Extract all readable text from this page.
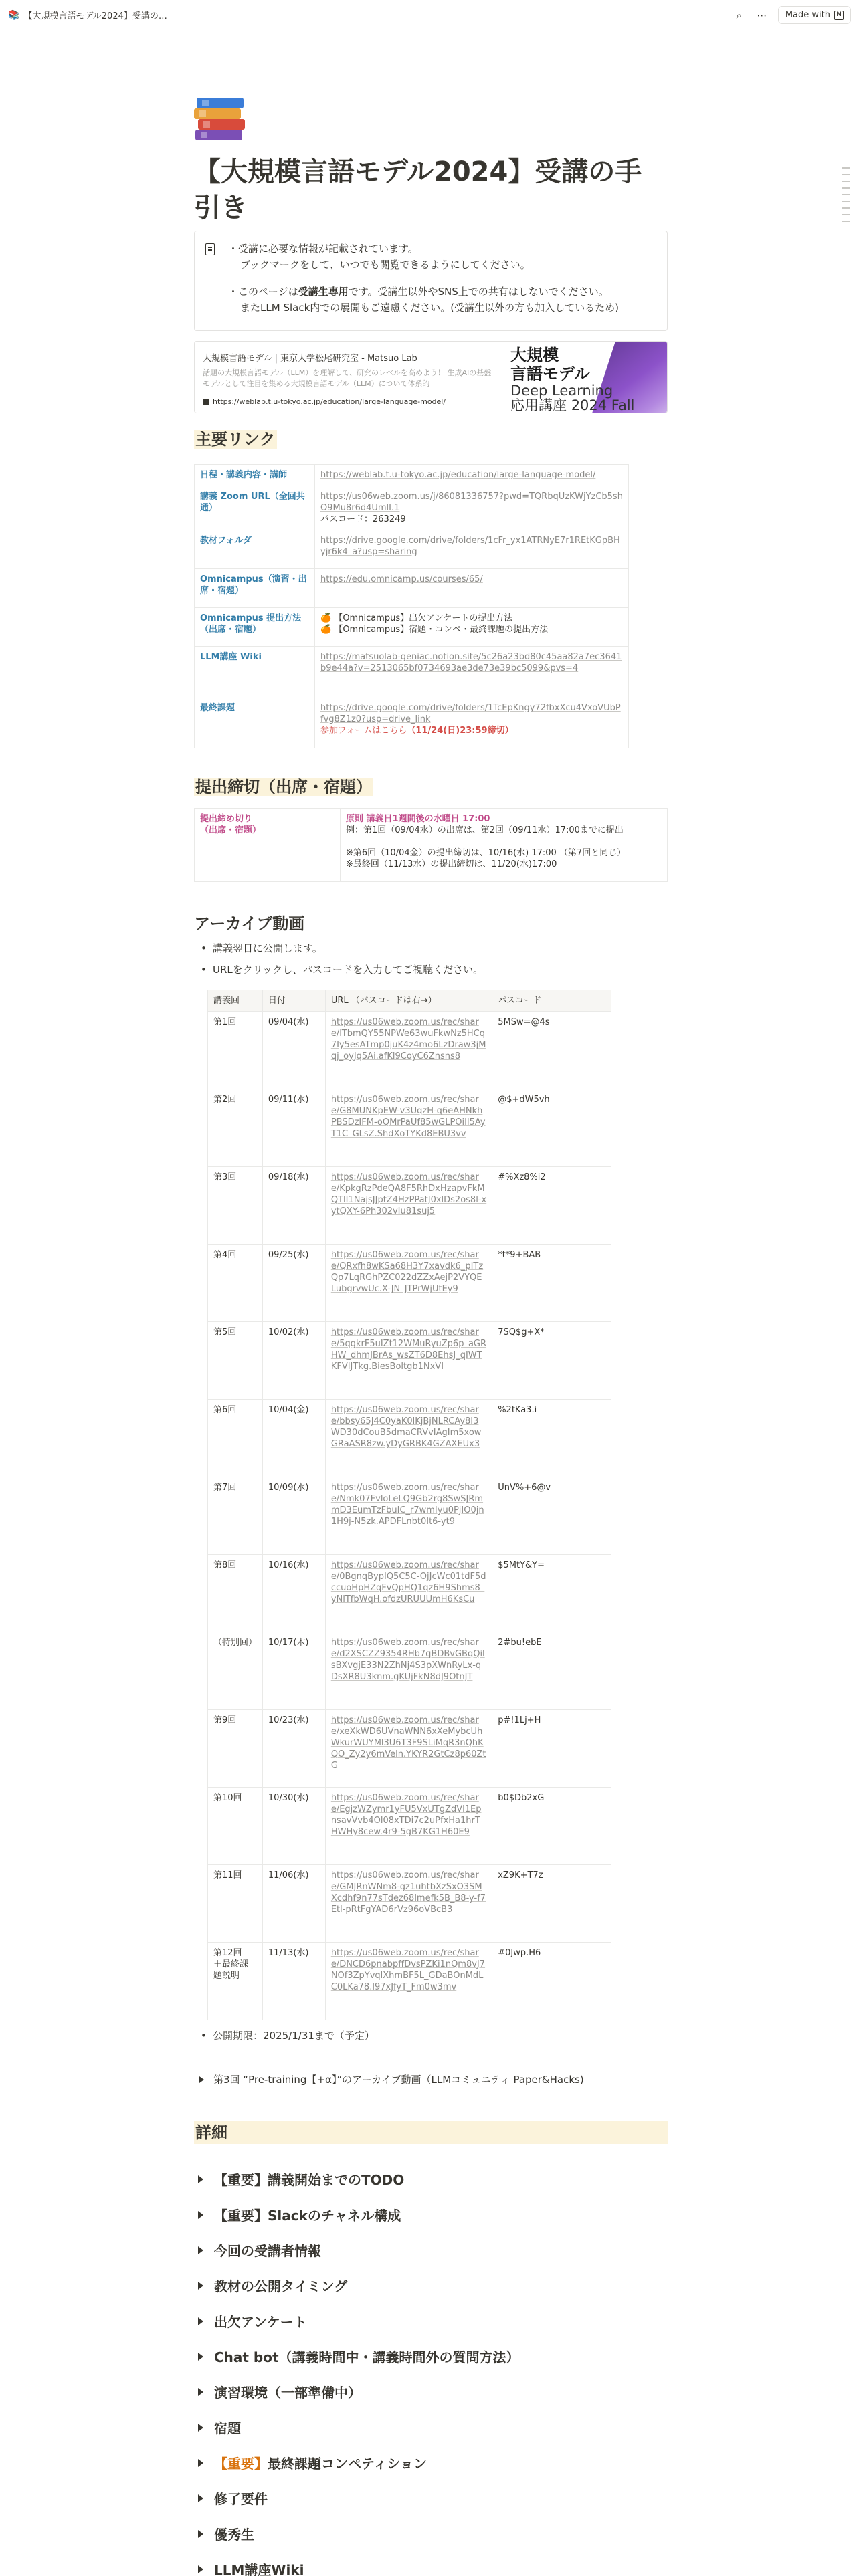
📚 【大規模言語モデル2024】受講の…	⌕	⋯ Made with	N
【大規模言語モデル2024】受講の手
引き
・受講に必要な情報が記載されています。
ブックマークをして、いつでも閲覧できるようにしてください。
・このページは受講生専用です。受講生以外やSNS上での共有はしないでください。
またLLM Slack内での展開もご遠慮ください。(受講生以外の方も加入しているため)
大規模言語モデル | 東京大学松尾研究室 - Matsuo Lab
話題の大規模言語モデル（LLM）を理解して、研究のレベルを高めよう！ 生成AIの基盤モデルとして注目を集める大規模言語モデル（LLM）について体系的
https://weblab.t.u-tokyo.ac.jp/education/large-language-model/
大規模
言語モデル
Deep Learning
応用講座 2024 Fall
主要リンク
日程・講義内容・講師	https://weblab.t.u-tokyo.ac.jp/education/large-language-model/
講義 Zoom URL（全回共通）	https://us06web.zoom.us/j/86081336757?pwd=TQRbqUzKWjYzCb5shO9Mu8r6d4UmlI.1
パスコード：263249
教材フォルダ	https://drive.google.com/drive/folders/1cFr_yx1ATRNyE7r1REtKGpBHyjr6k4_a?usp=sharing
Omnicampus（演習・出席・宿題）	https://edu.omnicamp.us/courses/65/
Omnicampus 提出方法（出席・宿題）	🍊 【Omnicampus】出欠アンケートの提出方法
🍊 【Omnicampus】宿題・コンペ・最終課題の提出方法
LLM講座 Wiki	https://matsuolab-geniac.notion.site/5c26a23bd80c45aa82a7ec3641b9e44a?v=2513065bf0734693ae3de73e39bc5099&pvs=4
最終課題	https://drive.google.com/drive/folders/1TcEpKngy72fbxXcu4VxoVUbPfvg8Z1z0?usp=drive_link
参加フォームはこちら（11/24(日)23:59締切）
提出締切（出席・宿題）
提出締め切り
（出席・宿題）	原則 講義日1週間後の水曜日 17:00
例：第1回（09/04水）の出席は、第2回（09/11水）17:00までに提出

※第6回（10/04金）の提出締切は、10/16(水) 17:00 （第7回と同じ）
※最終回（11/13水）の提出締切は、11/20(水)17:00
アーカイブ動画
• 講義翌日に公開します。
• URLをクリックし、パスコードを入力してご視聴ください。
講義回	日付	URL （パスコードは右→）	パスコード
第1回	09/04(水)	https://us06web.zoom.us/rec/share/lTbmQY55NPWe63wuFkwNz5HCq7Iy5esATmp0juK4z4mo6LzDraw3jMqj_oyJq5Ai.afKl9CoyC6Znsns8	5MSw=@4s
第2回	09/11(水)	https://us06web.zoom.us/rec/share/G8MUNKpEW-v3UqzH-q6eAHNkhPBSDzIFM-oQMrPaUf85wGLPOiIl5AyT1C_GLsZ.ShdXoTYKd8EBU3vv	@$+dW5vh
第3回	09/18(水)	https://us06web.zoom.us/rec/share/KpkgRzPdeQA8F5RhDxHzapvFkMQTlI1NajsJJptZ4HzPPatJ0xlDs2os8l-xytQXY-6Ph302vIu81suj5	#%Xz8%i2
第4回	09/25(水)	https://us06web.zoom.us/rec/share/QRxfh8wKSa68H3Y7xavdk6_pITzQp7LqRGhPZC022dZZxAejP2VYQELubgrvwUc.X-JN_JTPrWjUtEy9	*t*9+BAB
第5回	10/02(水)	https://us06web.zoom.us/rec/share/5qgkrF5uIZt12WMuRyuZp6p_aGRHW_dhmJBrAs_wsZT6D8EhsJ_qIWTKFVIJTkg.BiesBoltgb1NxVI	7SQ$g+X*
第6回	10/04(金)	https://us06web.zoom.us/rec/share/bbsy65J4C0yaK0lKjBjNLRCAy8I3WD30dCouB5dmaCRVvIAgIm5xowGRaASR8zw.yDyGRBK4GZAXEUx3	%2tKa3.i
第7回	10/09(水)	https://us06web.zoom.us/rec/share/Nmk07FvloLeLQ9Gb2rg8SwSJRmmD3EumTzFbuIC_r7wmIyu0PjIQ0jn1H9j-N5zk.APDFLnbt0It6-yt9	UnV%+6@v
第8回	10/16(水)	https://us06web.zoom.us/rec/share/0BgnqBypIQ5C5C-OjJcWc01tdF5dccuoHpHZqFvQpHQ1qz6H9Shms8_yNlTfbWqH.ofdzURUUUmH6KsCu	$5MtY&Y=
（特別回）	10/17(木)	https://us06web.zoom.us/rec/share/d2XSCZZ9354RHb7qBDBvGBqQilsBXvgjE33N2ZhNj4S3pXWnRyLx-qDsXR8U3knm.gKUjFkN8dJ9OtnJT	2#bu!ebE
第9回	10/23(水)	https://us06web.zoom.us/rec/share/xeXkWD6UVnaWNN6xXeMybcUhWkurWUYMl3U6T3F9SLiMqR3nQhKQO_Zy2y6mVeln.YKYR2GtCz8p60ZtG	p#!1Lj+H
第10回	10/30(水)	https://us06web.zoom.us/rec/share/EgjzWZymr1yFU5VxUTgZdVl1EpnsavVvb4Ol08xTDi7c2uPfxHa1hrTHWHy8cew.4r9-5gB7KG1H60E9	b0$Db2xG
第11回	11/06(水)	https://us06web.zoom.us/rec/share/GMJRnWNm8-gz1uhtbXzSxO3SMXcdhf9n77sTdez68lmefk5B_B8-y-f7Etl-pRtFgYAD6rVz96oVBcB3	xZ9K+T7z
第12回
＋最終課題説明	11/13(水)	https://us06web.zoom.us/rec/share/DNCD6pnabpffDvsPZKi1nQm8vJ7NOf3ZpYvqlXhmBF5L_GDaBOnMdLC0LKa78.l97xJfyT_Fm0w3mv	#0Jwp.H6
• 公開期限：2025/1/31まで（予定）
第3回 “Pre-training【+α】”のアーカイブ動画（LLMコミュニティ Paper&Hacks)
詳細
【重要】講義開始までのTODO
【重要】Slackのチャネル構成
今回の受講者情報
教材の公開タイミング
出欠アンケート
Chat bot（講義時間中・講義時間外の質問方法）
演習環境（一部準備中）
宿題
【重要】 最終課題コンペティション
修了要件
優秀生
LLM講座Wiki
